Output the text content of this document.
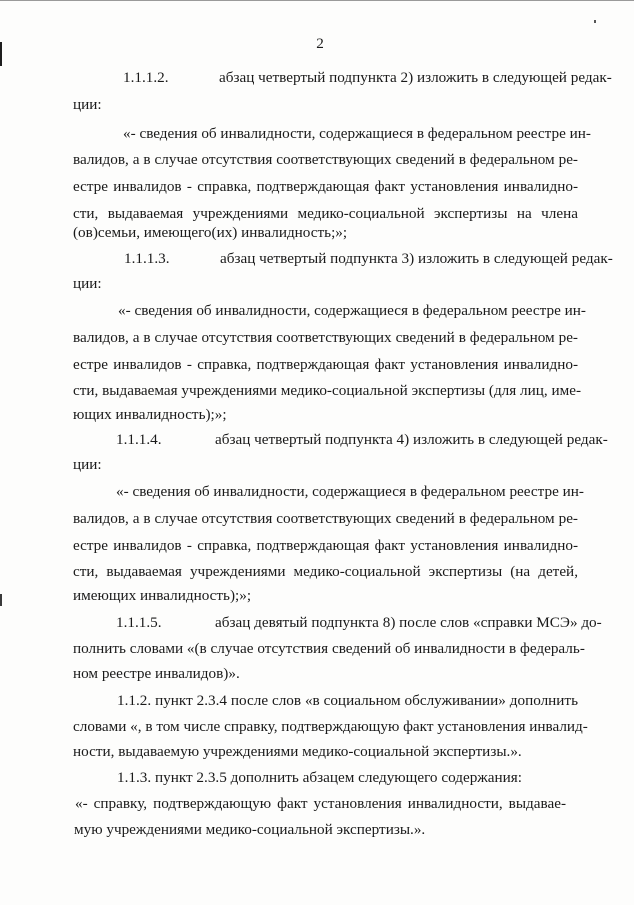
2
1.1.1.2.	абзац четвертый подпункта 2) изложить в следующей редак-
ции:
«- сведения об инвалидности, содержащиеся в федеральном реестре ин-
валидов, а в случае отсутствия соответствующих сведений в федеральном ре-
естре инвалидов - справка, подтверждающая факт установления инвалидно-
сти, выдаваемая учреждениями медико-социальной экспертизы на члена
(ов)семьи, имеющего(их) инвалидность;»;
1.1.1.3.	абзац четвертый подпункта 3) изложить в следующей редак-
ции:
«- сведения об инвалидности, содержащиеся в федеральном реестре ин-
валидов, а в случае отсутствия соответствующих сведений в федеральном ре-
естре инвалидов - справка, подтверждающая факт установления инвалидно-
сти, выдаваемая учреждениями медико-социальной экспертизы (для лиц, име-
ющих инвалидность);»;
1.1.1.4.	абзац четвертый подпункта 4) изложить в следующей редак-
ции:
«- сведения об инвалидности, содержащиеся в федеральном реестре ин-
валидов, а в случае отсутствия соответствующих сведений в федеральном ре-
естре инвалидов - справка, подтверждающая факт установления инвалидно-
сти, выдаваемая учреждениями медико-социальной экспертизы (на детей,
имеющих инвалидность);»;
1.1.1.5.	абзац девятый подпункта 8) после слов «справки МСЭ» до-
полнить словами «(в случае отсутствия сведений об инвалидности в федераль-
ном реестре инвалидов)».
1.1.2. пункт 2.3.4 после слов «в социальном обслуживании» дополнить
словами «, в том числе справку, подтверждающую факт установления инвалид-
ности, выдаваемую учреждениями медико-социальной экспертизы.».
1.1.3. пункт 2.3.5 дополнить абзацем следующего содержания:
«- справку, подтверждающую факт установления инвалидности, выдавае-
мую учреждениями медико-социальной экспертизы.».
